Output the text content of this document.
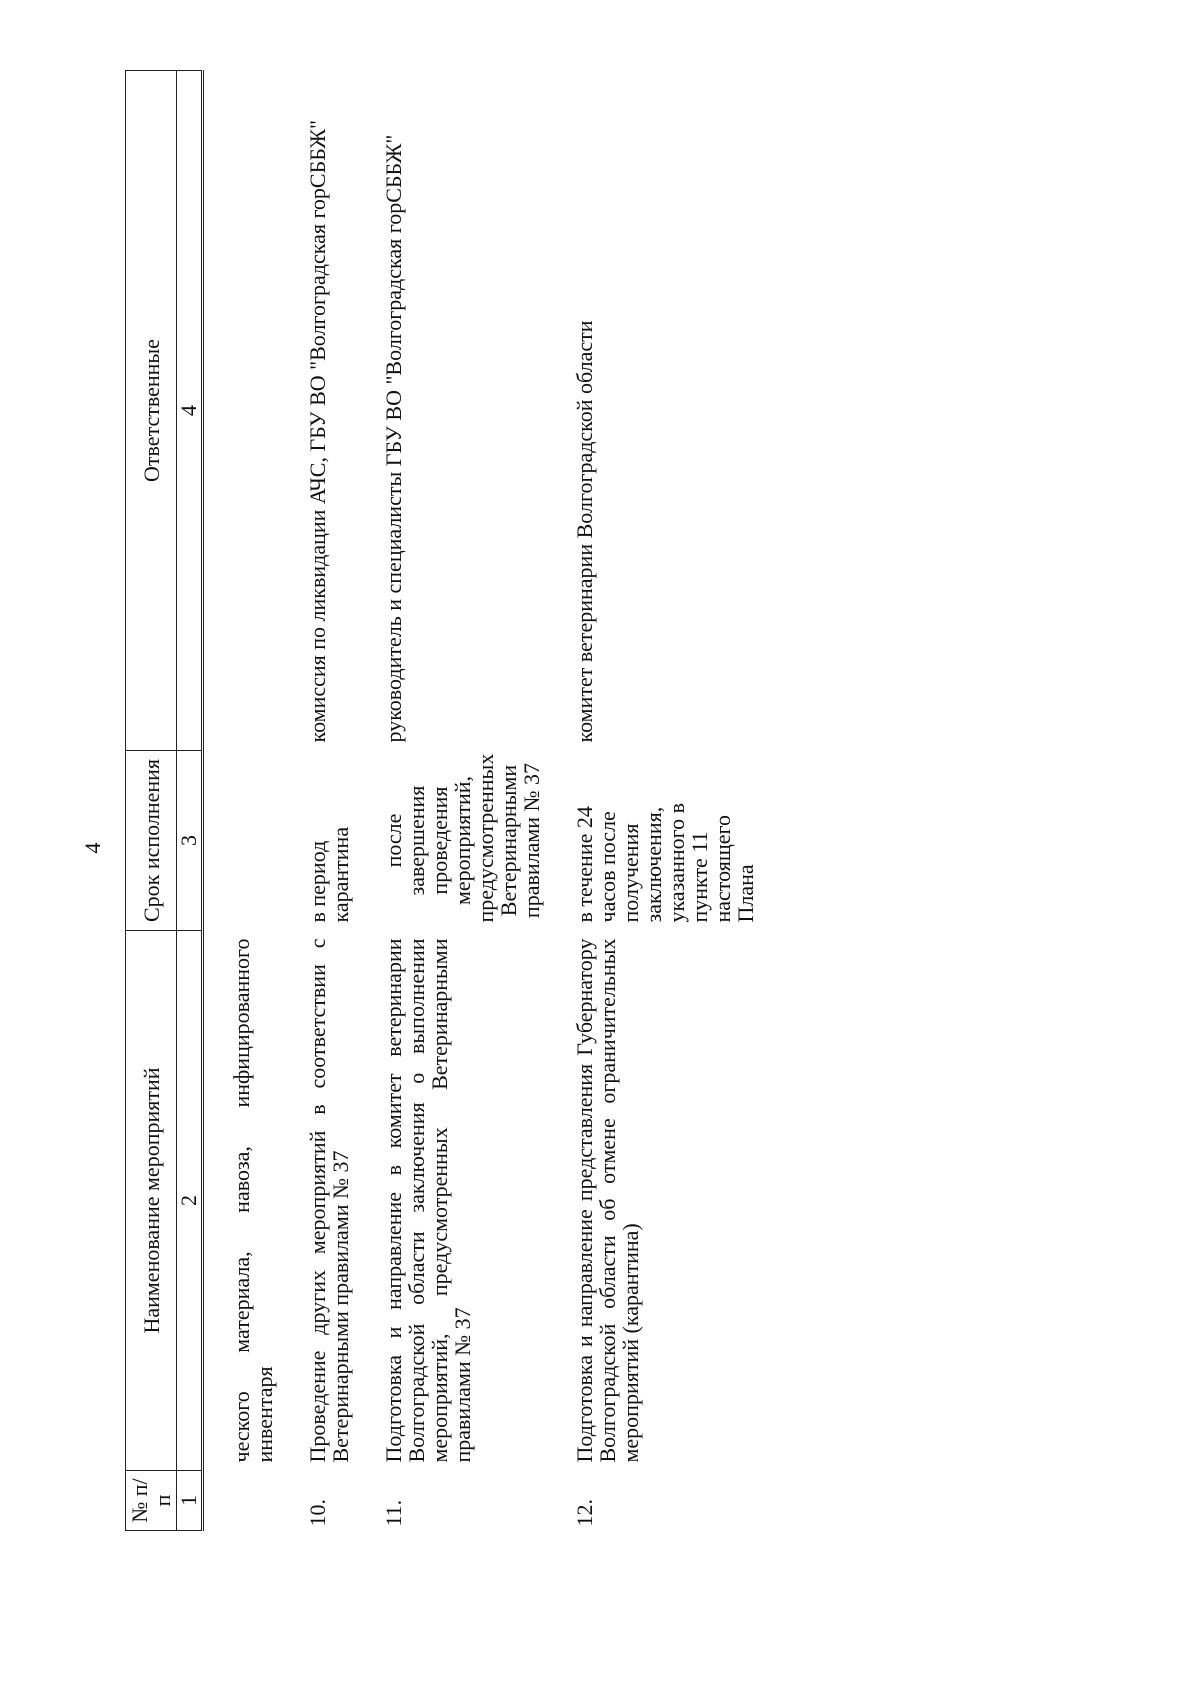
4
№ п/п	Наименование мероприятий	Срок исполнения	Ответственные
1	2	3	4
	ческого материала, навоза, инфицированного инвентаря		
10.	Проведение других мероприятий в соответствии с Ветеринарными правилами № 37	в период карантина	комиссия по ликвидации АЧС, ГБУ ВО "Волгоградская горСББЖ"
11.	Подготовка и направление в комитет ветеринарии Волгоградской области заключения о выполнении мероприятий, предусмотренных Ветеринарными правилами № 37	после завершения проведения мероприятий, предусмотренных Ветеринарными правилами № 37	руководитель и специалисты ГБУ ВО "Волгоградская горСББЖ"
12.	Подготовка и направление представления Губернатору Волгоградской области об отмене ограничительных мероприятий (карантина)	в течение 24 часов после получения заключения, указанного в пункте 11 настоящего Плана	комитет ветеринарии Волгоградской области
